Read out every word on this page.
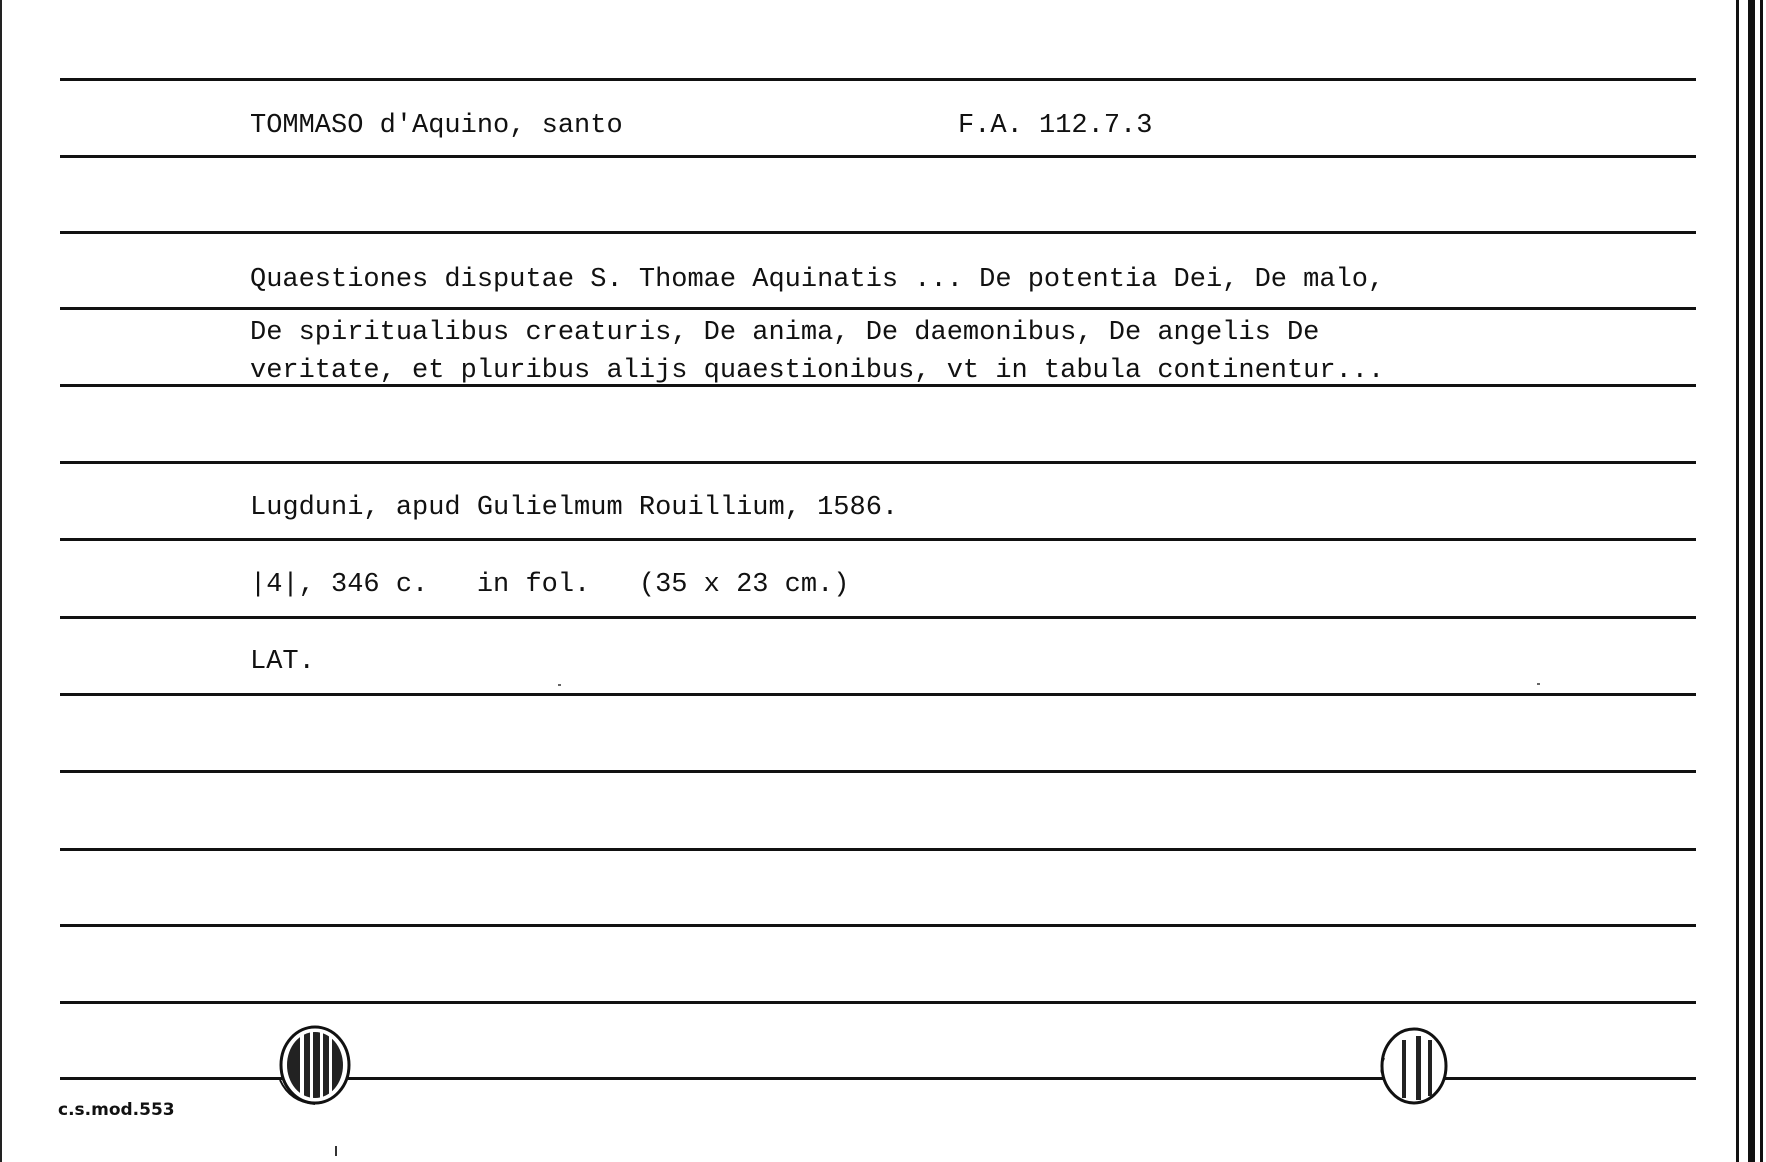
TOMMASO d'Aquino, santo	F.A. 112.7.3
Quaestiones disputae S. Thomae Aquinatis ... De potentia Dei, De malo,
De spiritualibus creaturis, De anima, De daemonibus, De angelis De
veritate, et pluribus alijs quaestionibus, vt in tabula continentur...
Lugduni, apud Gulielmum Rouillium, 1586.
|4|, 346 c.   in fol.   (35 x 23 cm.)
LAT.
c.s.mod.553
